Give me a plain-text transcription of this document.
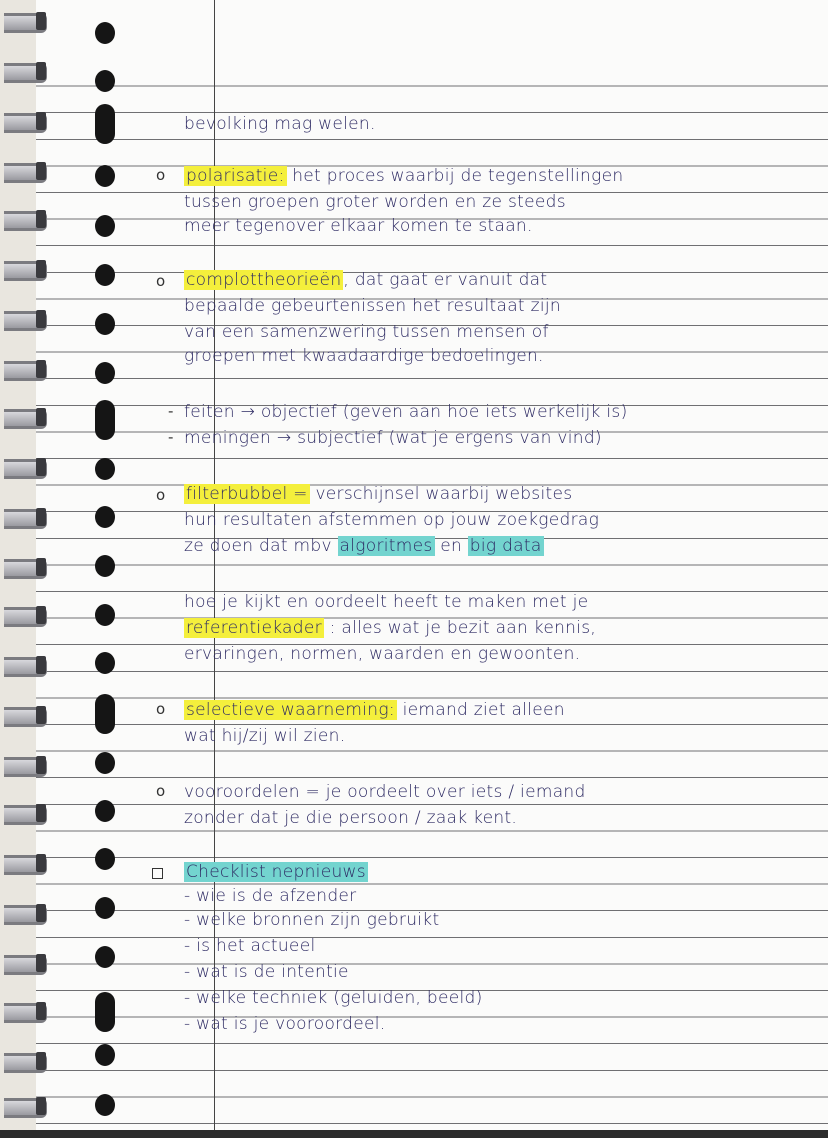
bevolking mag welen.
o polarisatie: het proces waarbij de tegenstellingen
tussen groepen groter worden en ze steeds
meer tegenover elkaar komen te staan.
o complottheorieën , dat gaat er vanuit dat
bepaalde gebeurtenissen het resultaat zijn
van een samenzwering tussen mensen of
groepen met kwaadaardige bedoelingen.
- feiten → objectief (geven aan hoe iets werkelijk is)
- meningen → subjectief (wat je ergens van vind)
o filterbubbel = verschijnsel waarbij websites
hun resultaten afstemmen op jouw zoekgedrag
ze doen dat mbv algoritmes en big data
hoe je kijkt en oordeelt heeft te maken met je
referentiekader : alles wat je bezit aan kennis,
ervaringen, normen, waarden en gewoonten.
o selectieve waarneming: iemand ziet alleen
wat hij/zij wil zien.
o vooroordelen = je oordeelt over iets / iemand
zonder dat je die persoon / zaak kent.
Checklist nepnieuws
- wie is de afzender
- welke bronnen zijn gebruikt
- is het actueel
- wat is de intentie
- welke techniek (geluiden, beeld)
- wat is je vooroordeel.
